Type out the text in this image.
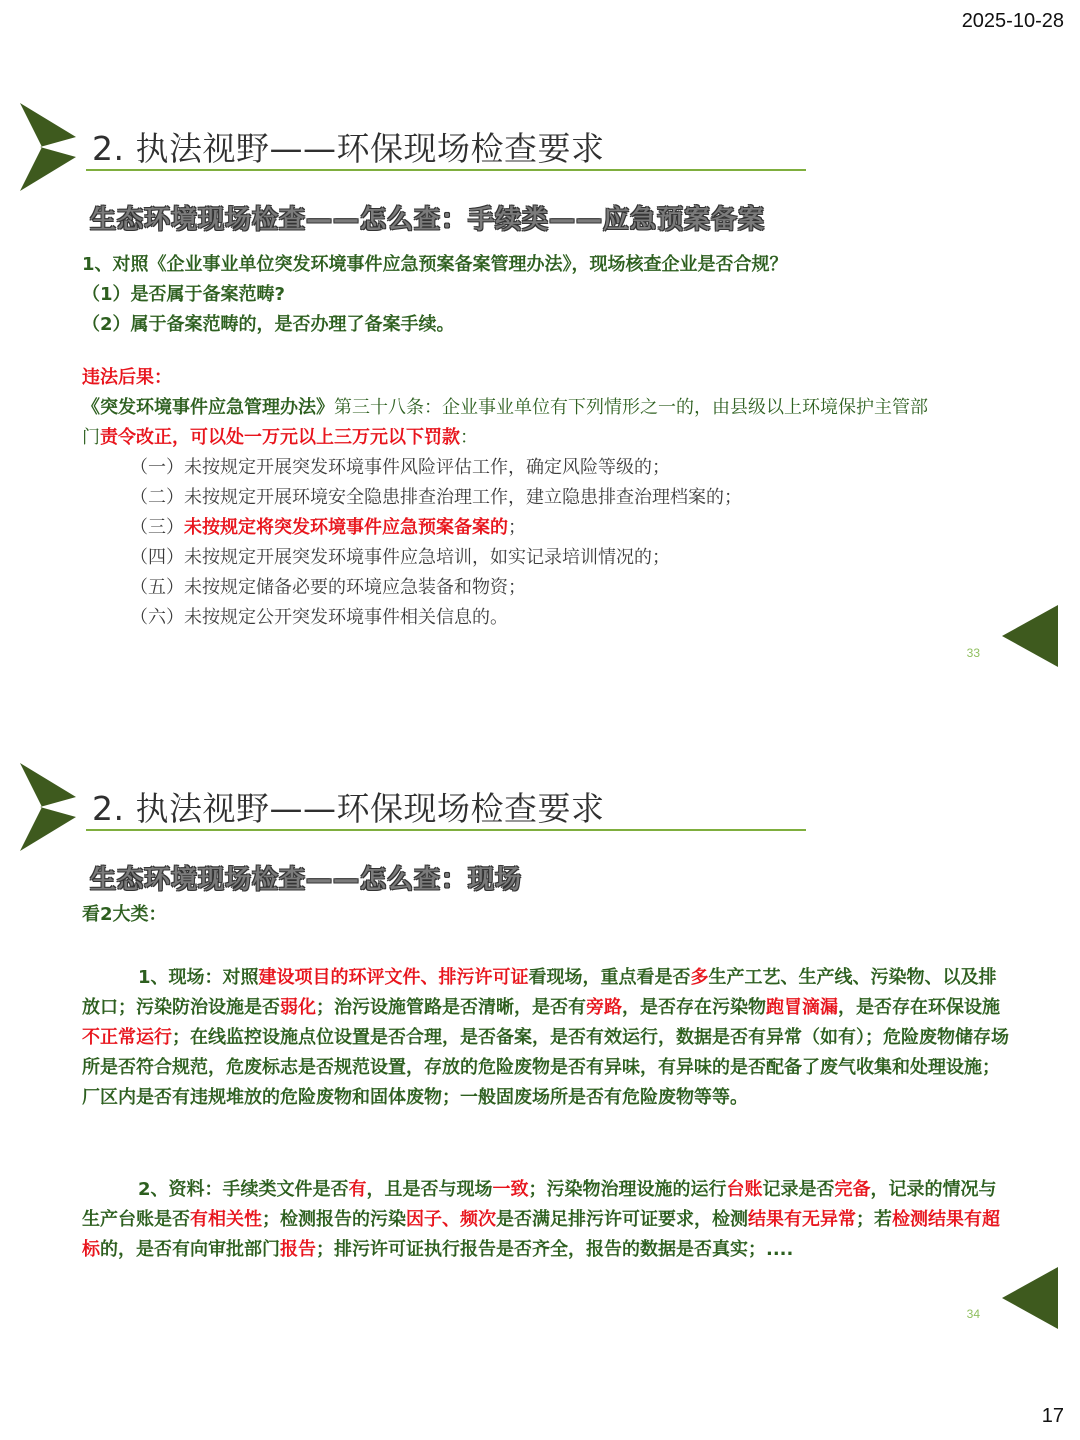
2025-10-28
2. 执法视野——环保现场检查要求
生态环境现场检查——怎么查：手续类——应急预案备案
1、对照《企业事业单位突发环境事件应急预案备案管理办法》，现场核查企业是否合规？
（1）是否属于备案范畴?
（2）属于备案范畴的，是否办理了备案手续。
违法后果：
《突发环境事件应急管理办法》第三十八条：企业事业单位有下列情形之一的，由县级以上环境保护主管部
门责令改正，可以处一万元以上三万元以下罚款：
（一）未按规定开展突发环境事件风险评估工作，确定风险等级的；
（二）未按规定开展环境安全隐患排查治理工作，建立隐患排查治理档案的；
（三）未按规定将突发环境事件应急预案备案的；
（四）未按规定开展突发环境事件应急培训，如实记录培训情况的；
（五）未按规定储备必要的环境应急装备和物资；
（六）未按规定公开突发环境事件相关信息的。
33
2. 执法视野——环保现场检查要求
生态环境现场检查——怎么查：现场
看2大类：
1、现场：对照建设项目的环评文件、排污许可证看现场，重点看是否多生产工艺、生产线、污染物、以及排放口；污染防治设施是否弱化；治污设施管路是否清晰，是否有旁路，是否存在污染物跑冒滴漏，是否存在环保设施不正常运行；在线监控设施点位设置是否合理，是否备案，是否有效运行，数据是否有异常（如有）；危险废物储存场所是否符合规范，危废标志是否规范设置，存放的危险废物是否有异味，有异味的是否配备了废气收集和处理设施；厂区内是否有违规堆放的危险废物和固体废物；一般固废场所是否有危险废物等等。
2、资料：手续类文件是否有，且是否与现场一致；污染物治理设施的运行台账记录是否完备，记录的情况与生产台账是否有相关性；检测报告的污染因子、频次是否满足排污许可证要求，检测结果有无异常；若检测结果有超标的，是否有向审批部门报告；排污许可证执行报告是否齐全，报告的数据是否真实；....
34
17
